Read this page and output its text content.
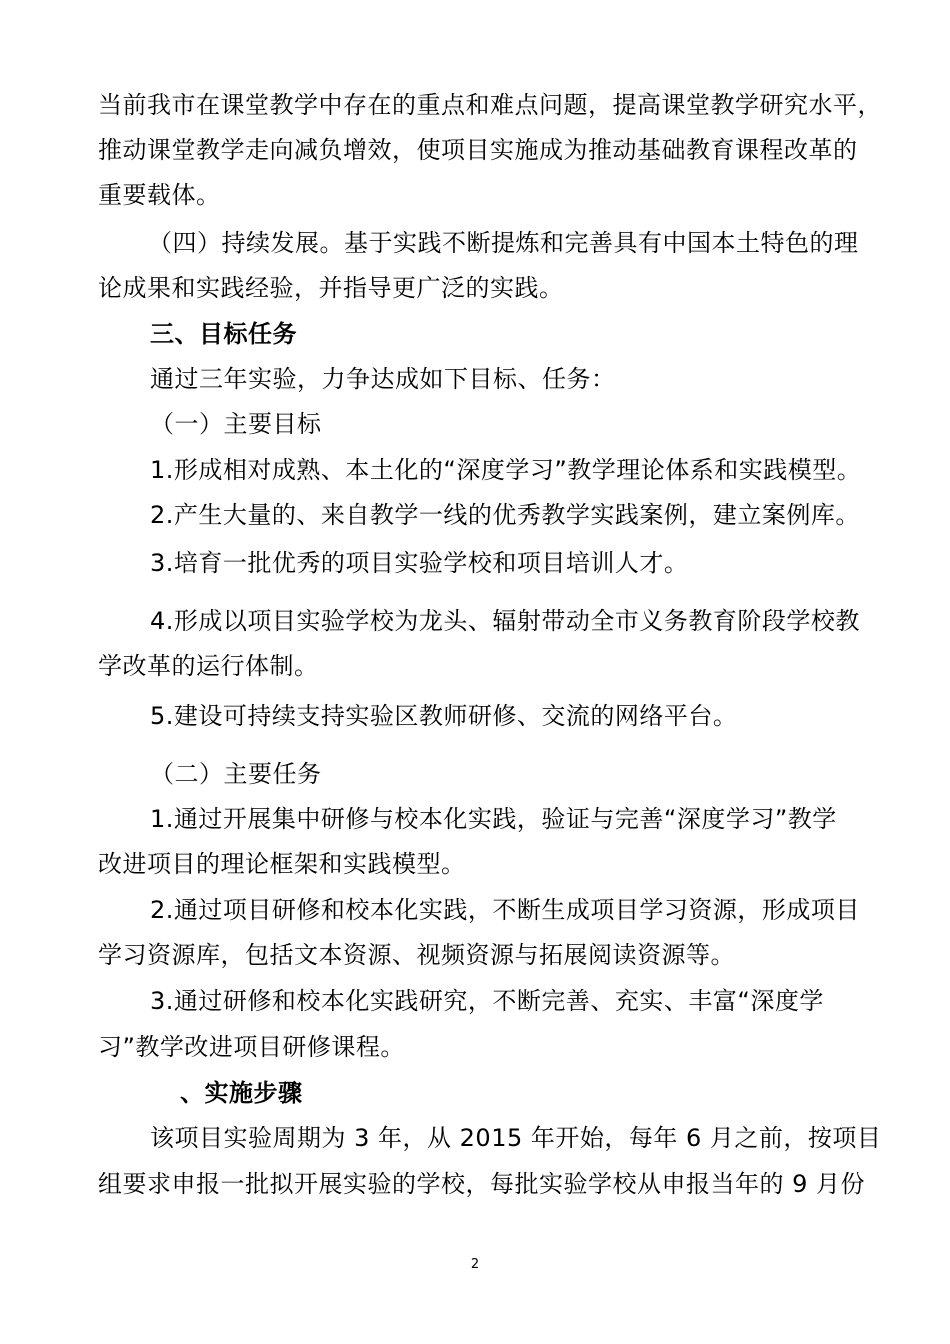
当前我市在课堂教学中存在的重点和难点问题，提高课堂教学研究水平，
推动课堂教学走向减负增效，使项目实施成为推动基础教育课程改革的
重要载体。
（四）持续发展。基于实践不断提炼和完善具有中国本土特色的理
论成果和实践经验，并指导更广泛的实践。
三、目标任务
通过三年实验，力争达成如下目标、任务：
（一）主要目标
1.形成相对成熟、本土化的“深度学习”教学理论体系和实践模型。
2.产生大量的、来自教学一线的优秀教学实践案例，建立案例库。
3.培育一批优秀的项目实验学校和项目培训人才。
4.形成以项目实验学校为龙头、辐射带动全市义务教育阶段学校教
学改革的运行体制。
5.建设可持续支持实验区教师研修、交流的网络平台。
（二）主要任务
1.通过开展集中研修与校本化实践，验证与完善“深度学习”教学
改进项目的理论框架和实践模型。
2.通过项目研修和校本化实践，不断生成项目学习资源，形成项目
学习资源库，包括文本资源、视频资源与拓展阅读资源等。
3.通过研修和校本化实践研究，不断完善、充实、丰富“深度学
习”教学改进项目研修课程。
、实施步骤
该项目实验周期为 3 年，从 2015 年开始，每年 6 月之前，按项目
组要求申报一批拟开展实验的学校，每批实验学校从申报当年的 9 月份
2
